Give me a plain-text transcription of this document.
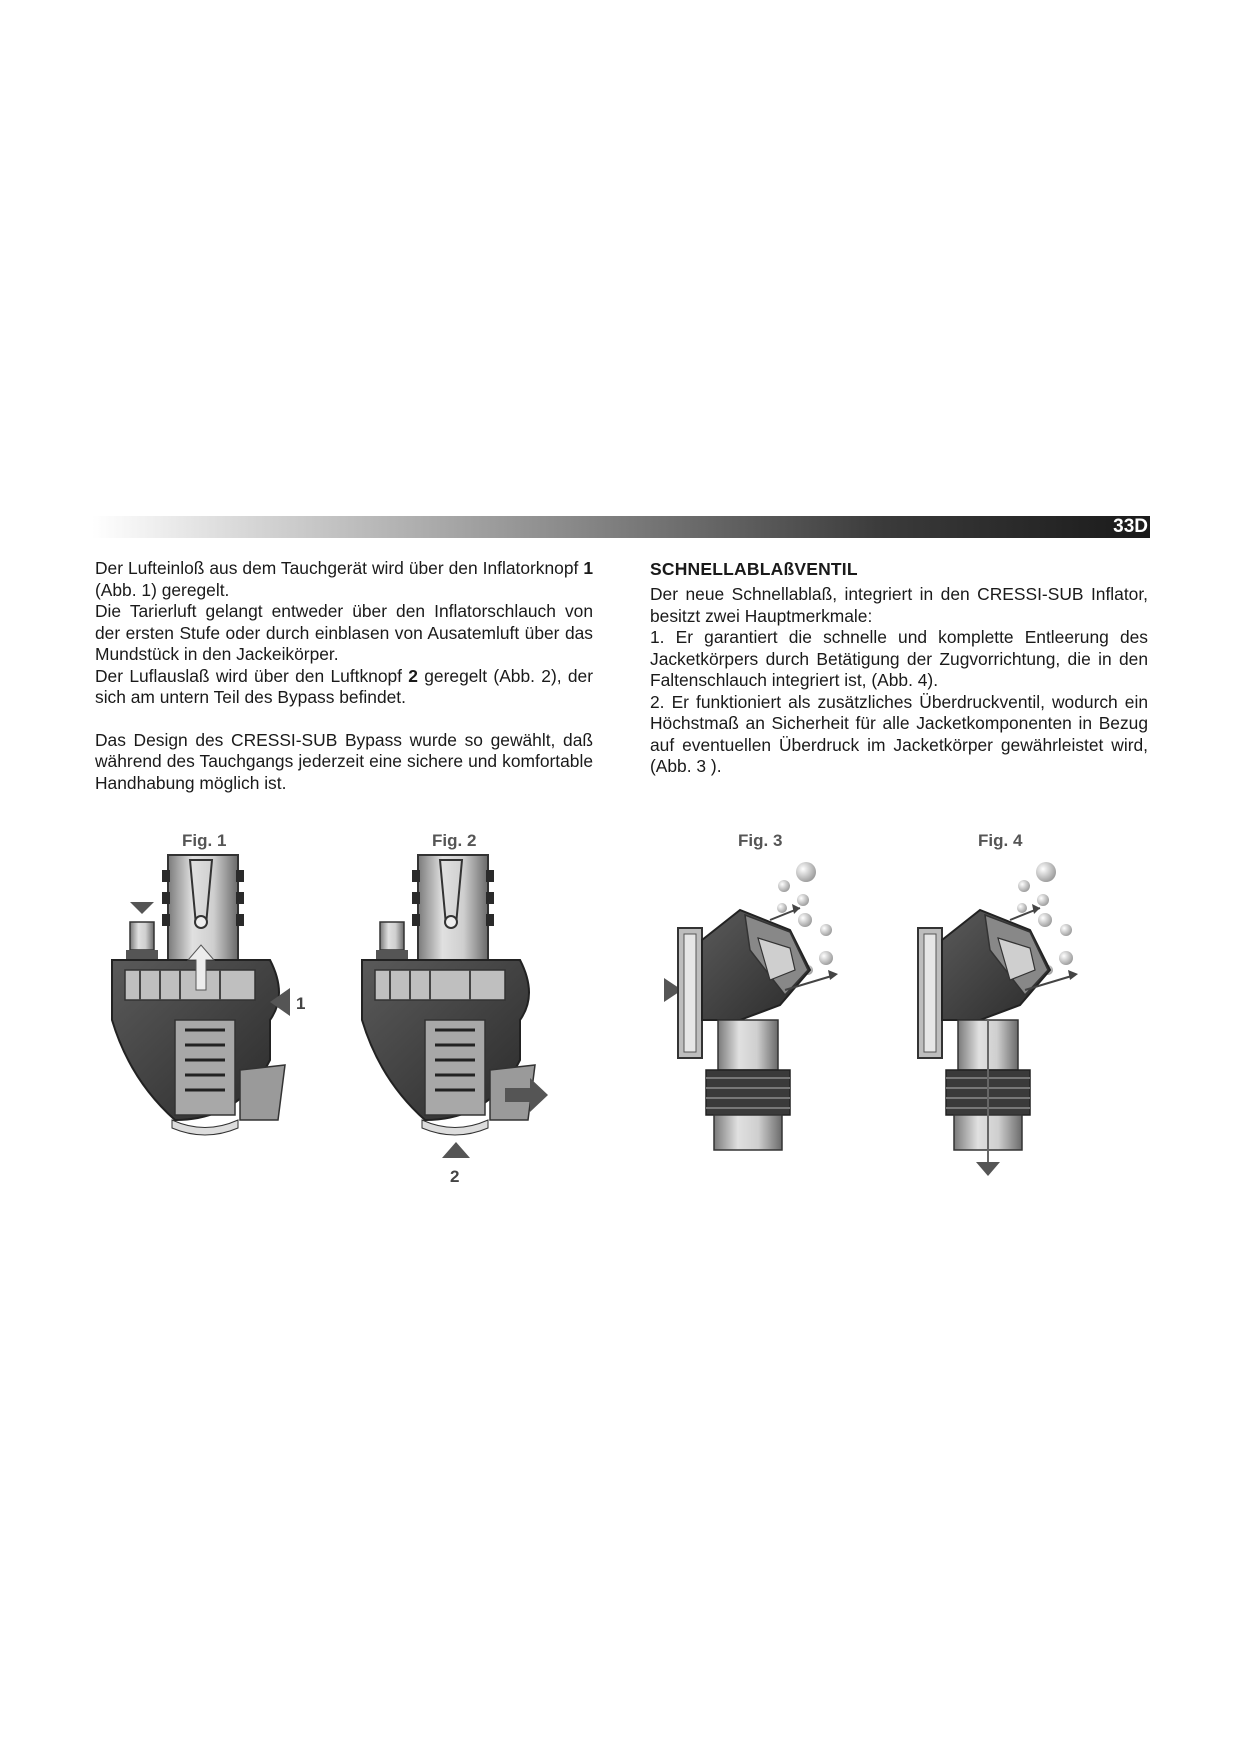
33D

Der Lufteinloß aus dem Tauchgerät wird über den Inflatorknopf 1 (Abb. 1) geregelt.

Die Tarierluft gelangt entweder über den Inflatorschlauch von der ersten Stufe oder durch einblasen von Ausatemluft über das Mundstück in den Jackeikörper.

Der Luflauslaß wird über den Luftknopf 2 geregelt (Abb. 2), der sich am untern Teil des Bypass befindet.

Das Design des CRESSI-SUB Bypass wurde so gewählt, daß während des Tauchgangs jederzeit eine sichere und komfortable Handhabung möglich ist.

SCHNELLABLAßVENTIL

Der neue Schnellablaß, integriert in den CRESSI-SUB Inflator, besitzt zwei Hauptmerkmale:

1. Er garantiert die schnelle und komplette Entleerung des Jacketkörpers durch Betätigung der Zugvorrichtung, die in den Faltenschlauch integriert ist, (Abb. 4).

2. Er funktioniert als zusätzliches Überdruckventil, wodurch ein Höchstmaß an Sicherheit für alle Jacketkomponenten in Bezug auf eventuellen Überdruck im Jacketkörper gewährleistet wird, (Abb. 3 ).

Fig. 1
1
Fig. 2
2
Fig. 3	Fig. 4
